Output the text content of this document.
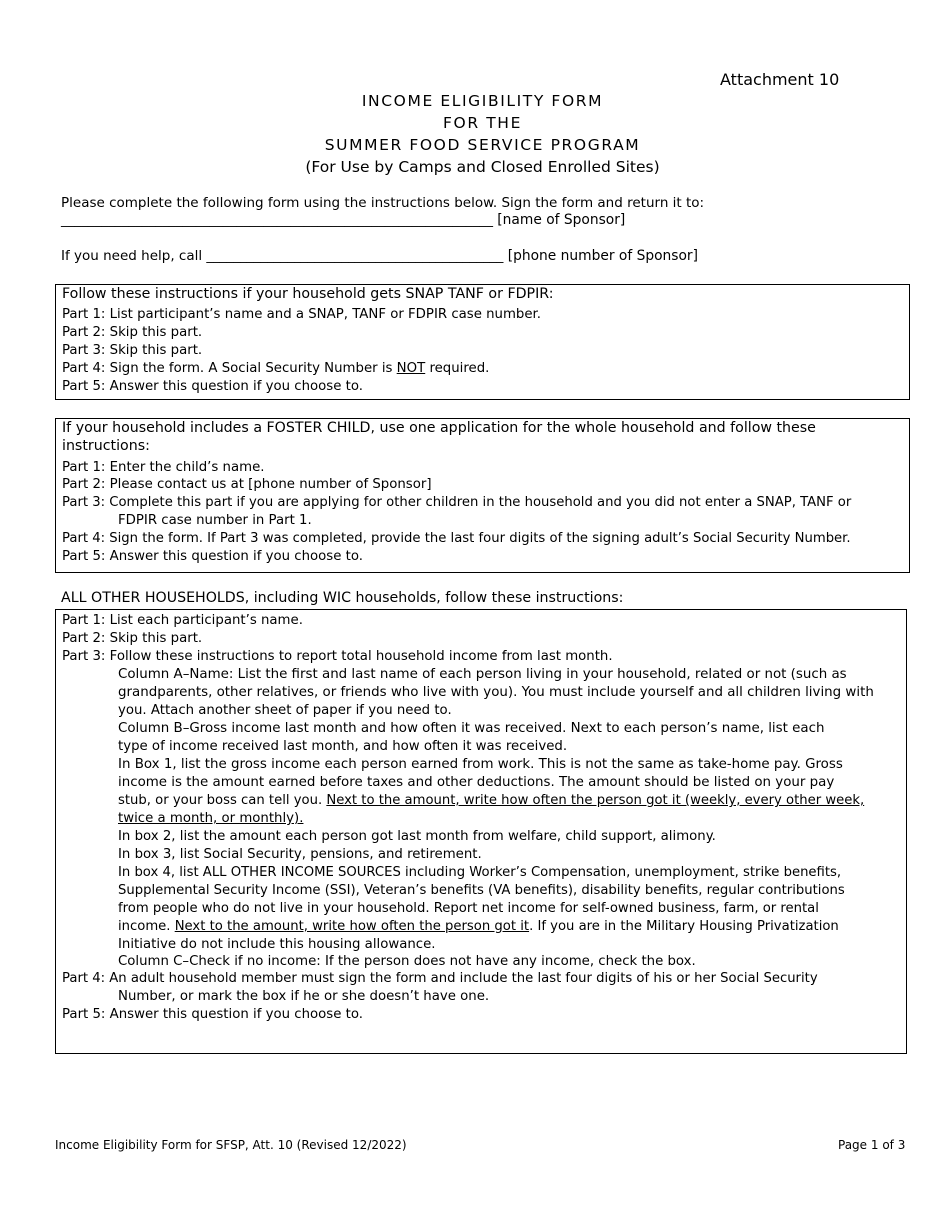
Attachment 10
INCOME ELIGIBILITY FORM
FOR THE
SUMMER FOOD SERVICE PROGRAM
(For Use by Camps and Closed Enrolled Sites)
Please complete the following form using the instructions below. Sign the form and return it to:
________________________________________________________________ [name of Sponsor]
If you need help, call ____________________________________________ [phone number of Sponsor]
Follow these instructions if your household gets SNAP TANF or FDPIR:
Part 1: List participant’s name and a SNAP, TANF or FDPIR case number.
Part 2: Skip this part.
Part 3: Skip this part.
Part 4: Sign the form. A Social Security Number is NOT required.
Part 5: Answer this question if you choose to.
If your household includes a FOSTER CHILD, use one application for the whole household and follow these
instructions:
Part 1: Enter the child’s name.
Part 2: Please contact us at [phone number of Sponsor]
Part 3: Complete this part if you are applying for other children in the household and you did not enter a SNAP, TANF or
FDPIR case number in Part 1.
Part 4: Sign the form. If Part 3 was completed, provide the last four digits of the signing adult’s Social Security Number.
Part 5: Answer this question if you choose to.
ALL OTHER HOUSEHOLDS, including WIC households, follow these instructions:
Part 1: List each participant’s name.
Part 2: Skip this part.
Part 3: Follow these instructions to report total household income from last month.
Column A–Name: List the first and last name of each person living in your household, related or not (such as
grandparents, other relatives, or friends who live with you). You must include yourself and all children living with
you. Attach another sheet of paper if you need to.
Column B–Gross income last month and how often it was received. Next to each person’s name, list each
type of income received last month, and how often it was received.
In Box 1, list the gross income each person earned from work. This is not the same as take-home pay. Gross
income is the amount earned before taxes and other deductions. The amount should be listed on your pay
stub, or your boss can tell you. Next to the amount, write how often the person got it (weekly, every other week,
twice a month, or monthly).
In box 2, list the amount each person got last month from welfare, child support, alimony.
In box 3, list Social Security, pensions, and retirement.
In box 4, list ALL OTHER INCOME SOURCES including Worker’s Compensation, unemployment, strike benefits,
Supplemental Security Income (SSI), Veteran’s benefits (VA benefits), disability benefits, regular contributions
from people who do not live in your household. Report net income for self-owned business, farm, or rental
income. Next to the amount, write how often the person got it. If you are in the Military Housing Privatization
Initiative do not include this housing allowance.
Column C–Check if no income: If the person does not have any income, check the box.
Part 4: An adult household member must sign the form and include the last four digits of his or her Social Security
Number, or mark the box if he or she doesn’t have one.
Part 5: Answer this question if you choose to.
Income Eligibility Form for SFSP, Att. 10 (Revised 12/2022)	Page 1 of 3
